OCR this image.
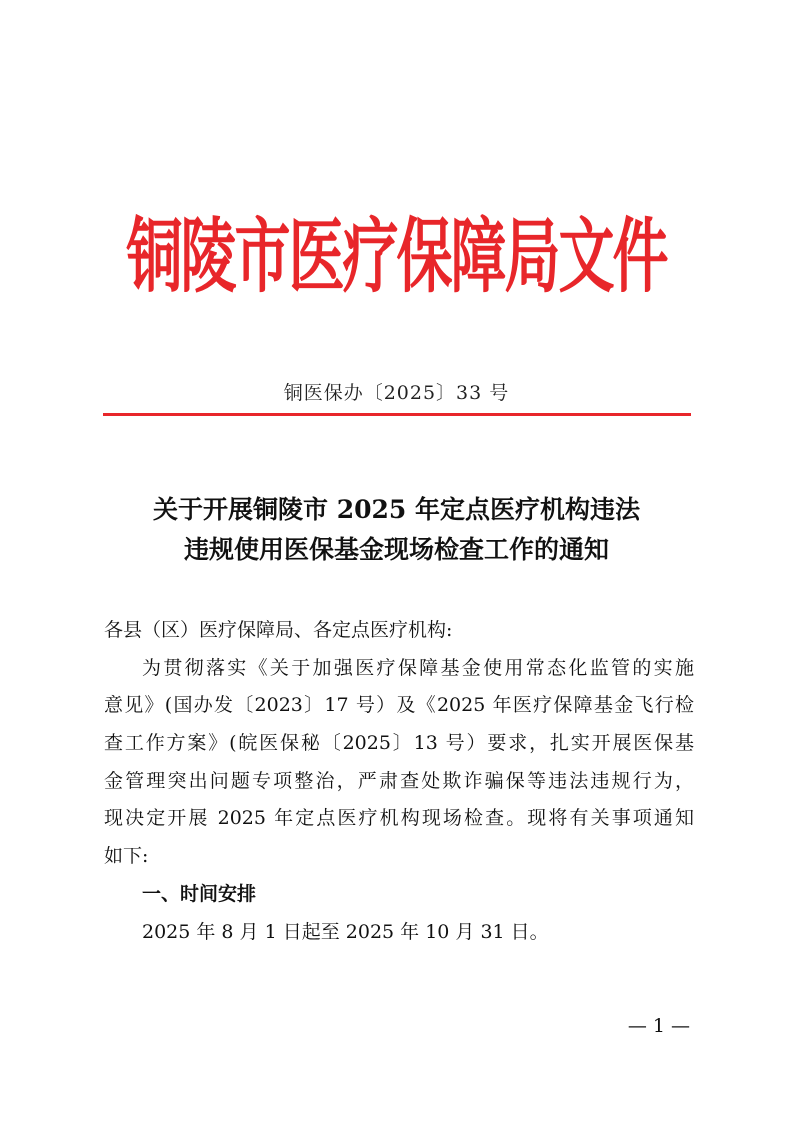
铜陵市医疗保障局文件
铜医保办〔2025〕33 号
关于开展铜陵市 2025 年定点医疗机构违法
违规使用医保基金现场检查工作的通知
各县（区）医疗保障局、各定点医疗机构:
为贯彻落实《关于加强医疗保障基金使用常态化监管的实施
意见》(国办发〔2023〕17 号）及《2025 年医疗保障基金飞行检
查工作方案》(皖医保秘〔2025〕13 号）要求，扎实开展医保基
金管理突出问题专项整治，严肃查处欺诈骗保等违法违规行为，
现决定开展 2025 年定点医疗机构现场检查。现将有关事项通知
如下:
一、时间安排
2025 年 8 月 1 日起至 2025 年 10 月 31 日。
— 1 —
